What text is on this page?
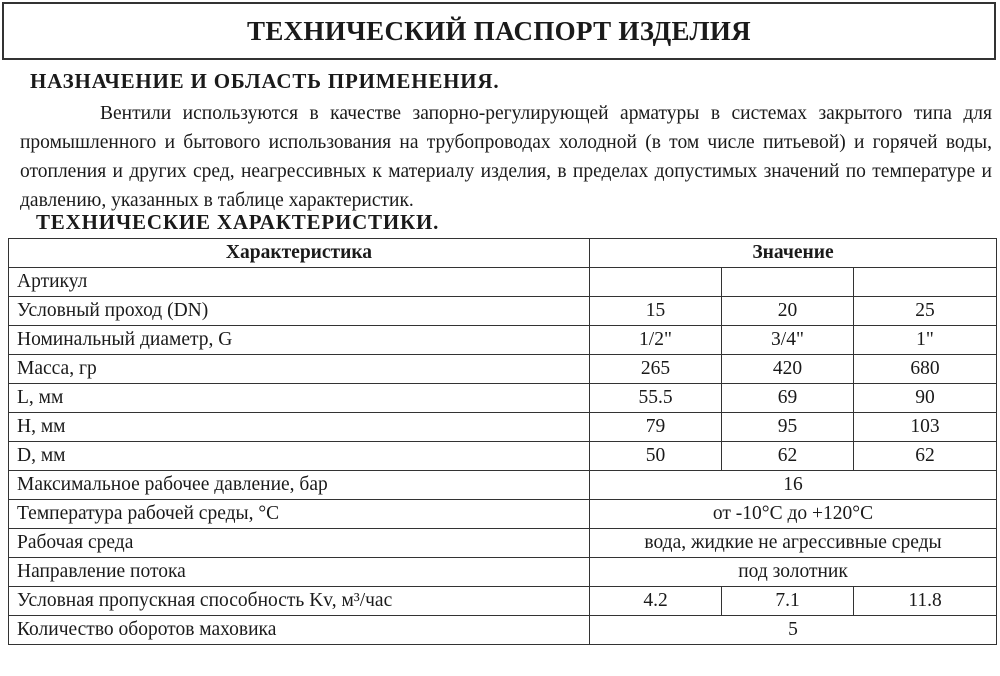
ТЕХНИЧЕСКИЙ ПАСПОРТ ИЗДЕЛИЯ
НАЗНАЧЕНИЕ И ОБЛАСТЬ ПРИМЕНЕНИЯ.

Вентили используются в качестве запорно-регулирующей арматуры в системах закрытого типа для промышленного и бытового использования на трубопроводах холодной (в том числе питьевой) и горячей воды, отопления и других сред, неагрессивных к материалу изделия, в пределах допустимых значений по температуре и давлению, указанных в таблице характеристик.

ТЕХНИЧЕСКИЕ ХАРАКТЕРИСТИКИ.
Характеристика	Значение		
Артикул			
Условный проход (DN)	15	20	25
Номинальный диаметр, G	1/2"	3/4"	1"
Масса, гр	265	420	680
L, мм	55.5	69	90
H, мм	79	95	103
D, мм	50	62	62
Максимальное рабочее давление, бар	16		
Температура рабочей среды, °C	от -10°C до +120°C		
Рабочая среда	вода, жидкие не агрессивные среды		
Направление потока	под золотник		
Условная пропускная способность Kv, м³/час	4.2	7.1	11.8
Количество оборотов маховика	5		
